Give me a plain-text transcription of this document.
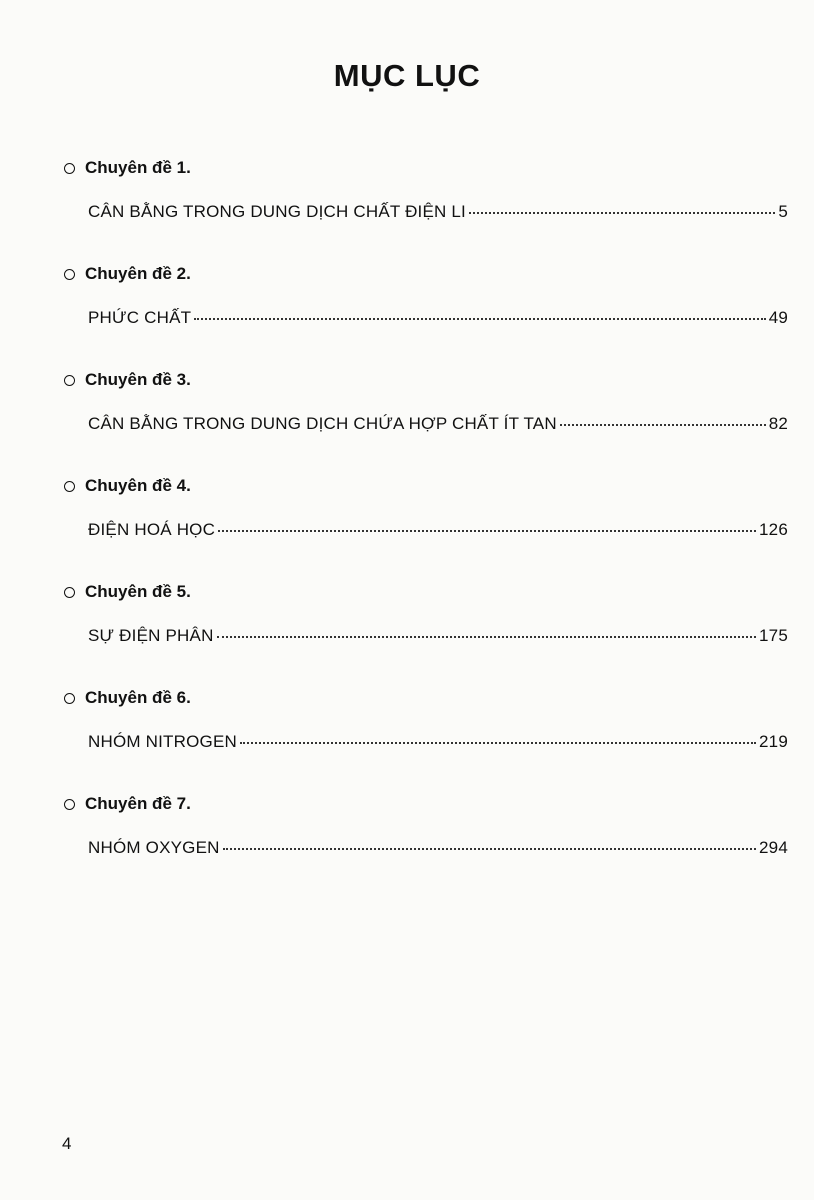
MỤC LỤC
Chuyên đề 1.
CÂN BẰNG TRONG DUNG DỊCH CHẤT ĐIỆN LI	5
Chuyên đề 2.
PHỨC CHẤT	49
Chuyên đề 3.
CÂN BẰNG TRONG DUNG DỊCH CHỨA HỢP CHẤT ÍT TAN	82
Chuyên đề 4.
ĐIỆN HOÁ HỌC	126
Chuyên đề 5.
SỰ ĐIỆN PHÂN	175
Chuyên đề 6.
NHÓM NITROGEN	219
Chuyên đề 7.
NHÓM OXYGEN	294
4
